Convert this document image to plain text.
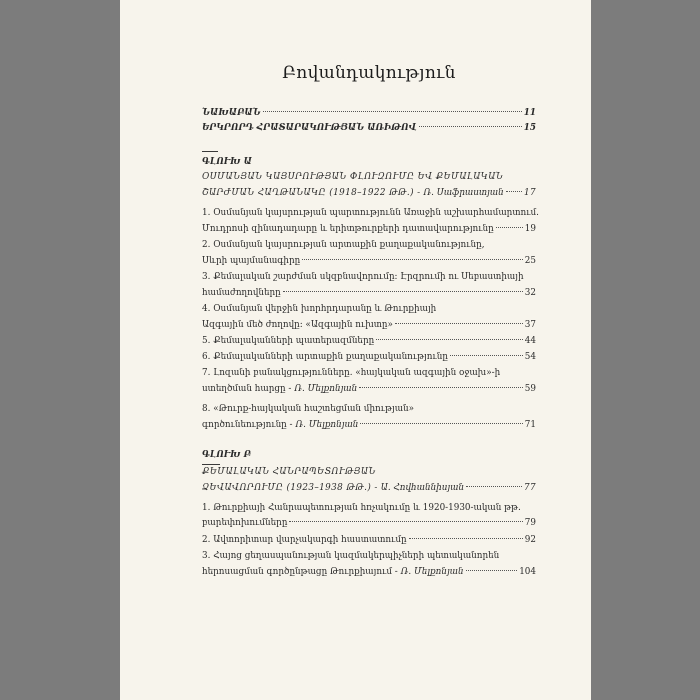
Բովանդակություն
ՆԱԽԱԲԱՆ	11
ԵՐԿՐՈՐԴ ՀՐԱՏԱՐԱԿՈՒԹՅԱՆ ԱՌԻԹՈՎ	15
ԳԼՈՒԽ Ա
ՕՍՄԱՆՅԱՆ ԿԱՅՍՐՈՒԹՅԱՆ ՓԼՈՒԶՈՒՄԸ ԵՎ ՔԵՄԱԼԱԿԱՆ
ՇԱՐԺՄԱՆ ՀԱՂԹԱՆԱԿԸ (1918–1922 ԹԹ.) - Ռ. Սաֆրաստյան 17
1. Օսմանյան կայսրության պարտությունն Առաջին աշխարհամարտում.
Մուդրոսի զինադադարը և երիտթուրքերի դատավարությունը	19
2. Օսմանյան կայսրության արտաքին քաղաքականությունը,
Սևրի պայմանագիրը	25
3. Քեմալական շարժման սկզբնավորումը: Էրզրումի ու Սեբաստիայի
համաժողովները	32
4. Օսմանյան վերջին խորհրդարանը և Թուրքիայի
Ազգային մեծ ժողովը: «Ազգային ուխտը»	37
5. Քեմալականների պատերազմները	44
6. Քեմալականների արտաքին քաղաքականությունը	54
7. Լոզանի բանակցությունները. «հայկական ազգային օջախ»-ի
ստեղծման հարցը - Ռ. Մելքոնյան	59
8. «Թուրք-հայկական հաշտեցման միության»
գործունեությունը - Ռ. Մելքոնյան	71
ԳԼՈՒԽ Բ
ՔԵՄԱԼԱԿԱՆ ՀԱՆՐԱՊԵՏՈՒԹՅԱՆ
ՁԵՎԱՎՈՐՈՒՄԸ (1923–1938 ԹԹ.) - Ա. Հովհաննիսյան	77
1. Թուրքիայի Հանրապետության հռչակումը և 1920-1930-ական թթ.
բարեփոխումները	79
2. Ավտորիտար վարչակարգի հաստատումը	92
3. Հայոց ցեղասպանության կազմակերպիչների պետականորեն
հերոսացման գործընթացը Թուրքիայում - Ռ. Մելքոնյան	104
